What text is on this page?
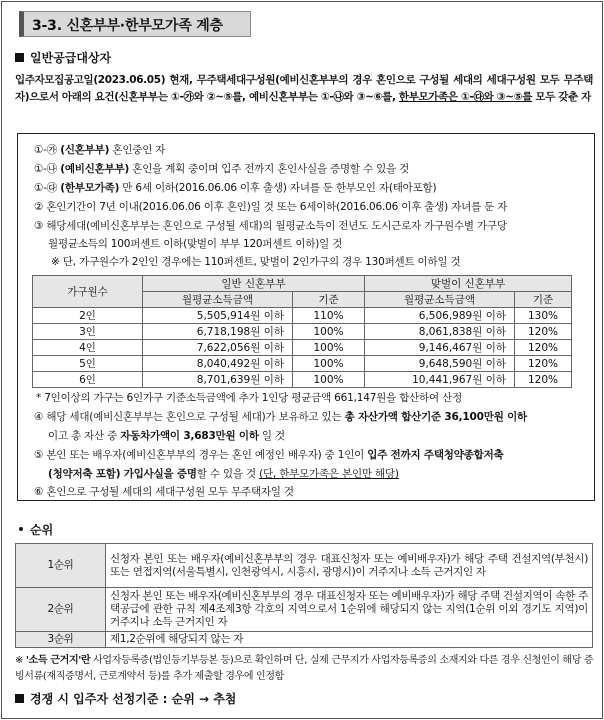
3-3. 신혼부부·한부모가족 계층
일반공급대상자
입주자모집공고일(2023.06.05) 현재, 무주택세대구성원(예비신혼부부의 경우 혼인으로 구성될 세대의 세대구성원 모두 무주택자)으로서 아래의 요건(신혼부부는 ①-㉮와 ②~⑤를, 예비신혼부부는 ①-㉯와 ③~⑥를, 한부모가족은 ①-㉰와 ③~⑤를 모두 갖춘 자
①-㉮ (신혼부부) 혼인중인 자
①-㉯ (예비신혼부부) 혼인을 계획 중이며 입주 전까지 혼인사실을 증명할 수 있을 것
①-㉰ (한부모가족) 만 6세 이하(2016.06.06 이후 출생) 자녀를 둔 한부모인 자(태아포함)
② 혼인기간이 7년 이내(2016.06.06 이후 혼인)일 것 또는 6세이하(2016.06.06 이후 출생) 자녀를 둔 자
③ 해당세대(예비신혼부부는 혼인으로 구성될 세대)의 월평균소득이 전년도 도시근로자 가구원수별 가구당
월평균소득의 100퍼센트 이하(맞벌이 부부 120퍼센트 이하)일 것
※ 단, 가구원수가 2인인 경우에는 110퍼센트, 맞벌이 2인가구의 경우 130퍼센트 이하일 것
* 7인이상의 가구는 6인가구 기준소득금액에 추가 1인당 평균금액 661,147원을 합산하여 산정
④ 해당 세대(예비신혼부부는 혼인으로 구성될 세대)가 보유하고 있는 총 자산가액 합산기준 36,100만원 이하
이고 총 자산 중 자동차가액이 3,683만원 이하 일 것
⑤ 본인 또는 배우자(예비신혼부부의 경우는 혼인 예정인 배우자) 중 1인이 입주 전까지 주택청약종합저축
(청약저축 포함) 가입사실을 증명할 수 있을 것 (단, 한부모가족은 본인만 해당)
⑥ 혼인으로 구성될 세대의 세대구성원 모두 무주택자일 것
가구원수	일반 신혼부부		맞벌이 신혼부부	
	월평균소득금액	기준	월평균소득금액	기준
2인	5,505,914원 이하	110%	6,506,989원 이하	130%
3인	6,718,198원 이하	100%	8,061,838원 이하	120%
4인	7,622,056원 이하	100%	9,146,467원 이하	120%
5인	8,040,492원 이하	100%	9,648,590원 이하	120%
6인	8,701,639원 이하	100%	10,441,967원 이하	120%
순위
1순위	신청자 본인 또는 배우자(예비신혼부부의 경우 대표신청자 또는 예비배우자)가 해당 주택 건설지역(부천시) 또는 연접지역(서울특별시, 인천광역시, 시흥시, 광명시)이 거주지나 소득 근거지인 자
2순위	신청자 본인 또는 배우자(예비신혼부부의 경우 대표신청자 또는 예비배우자)가 해당 주택 건설지역이 속한 주택공급에 관한 규칙 제4조제3항 각호의 지역으로서 1순위에 해당되지 않는 지역(1순위 이외 경기도 지역)이 거주지나 소득 근거지인 자
3순위	제1,2순위에 해당되지 않는 자
※ '소득 근거지'란 사업자등록증(법인등기부등본 등)으로 확인하며 단, 실제 근무지가 사업자등록증의 소재지와 다른 경우 신청인이 해당 증빙서류(재직증명서, 근로계약서 등)를 추가 제출할 경우에 인정함
경쟁 시 입주자 선정기준 : 순위 → 추첨
